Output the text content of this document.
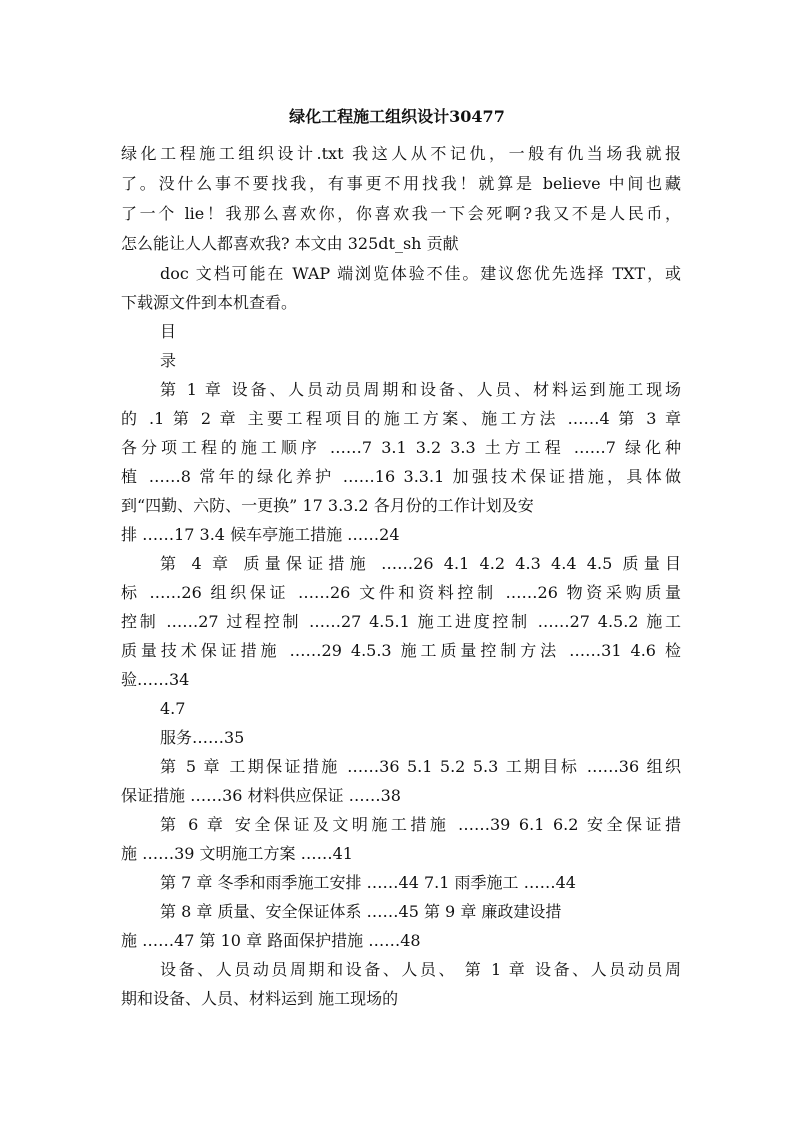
绿化工程施工组织设计30477
绿化工程施工组织设计.txt 我这人从不记仇，一般有仇当场我就报
了。没什么事不要找我，有事更不用找我！就算是 believe 中间也藏
了一个 lie！我那么喜欢你，你喜欢我一下会死啊?我又不是人民币，
怎么能让人人都喜欢我? 本文由 325dt_sh 贡献
doc 文档可能在 WAP 端浏览体验不佳。建议您优先选择 TXT，或
下载源文件到本机查看。
目
录
第 1 章 设备、人员动员周期和设备、人员、材料运到施工现场
的 .1 第 2 章 主要工程项目的施工方案、施工方法 ……4 第 3 章
各分项工程的施工顺序 ……7 3.1 3.2 3.3 土方工程 ……7 绿化种
植 ……8 常年的绿化养护 ……16 3.3.1 加强技术保证措施，具体做
到“四勤、六防、一更换” 17 3.3.2 各月份的工作计划及安
排 ……17 3.4 候车亭施工措施 ……24
第 4 章 质量保证措施 ……26 4.1 4.2 4.3 4.4 4.5 质量目
标 ……26 组织保证 ……26 文件和资料控制 ……26 物资采购质量
控制 ……27 过程控制 ……27 4.5.1 施工进度控制 ……27 4.5.2 施工
质量技术保证措施 ……29 4.5.3 施工质量控制方法 ……31 4.6 检
验……34
4.7
服务……35
第 5 章 工期保证措施 ……36 5.1 5.2 5.3 工期目标 ……36 组织
保证措施 ……36 材料供应保证 ……38
第 6 章 安全保证及文明施工措施 ……39 6.1 6.2 安全保证措
施 ……39 文明施工方案 ……41
第 7 章 冬季和雨季施工安排 ……44 7.1 雨季施工 ……44
第 8 章 质量、安全保证体系 ……45 第 9 章 廉政建设措
施 ……47 第 10 章 路面保护措施 ……48
设备、人员动员周期和设备、人员、 第 1 章 设备、人员动员周
期和设备、人员、材料运到 施工现场的
